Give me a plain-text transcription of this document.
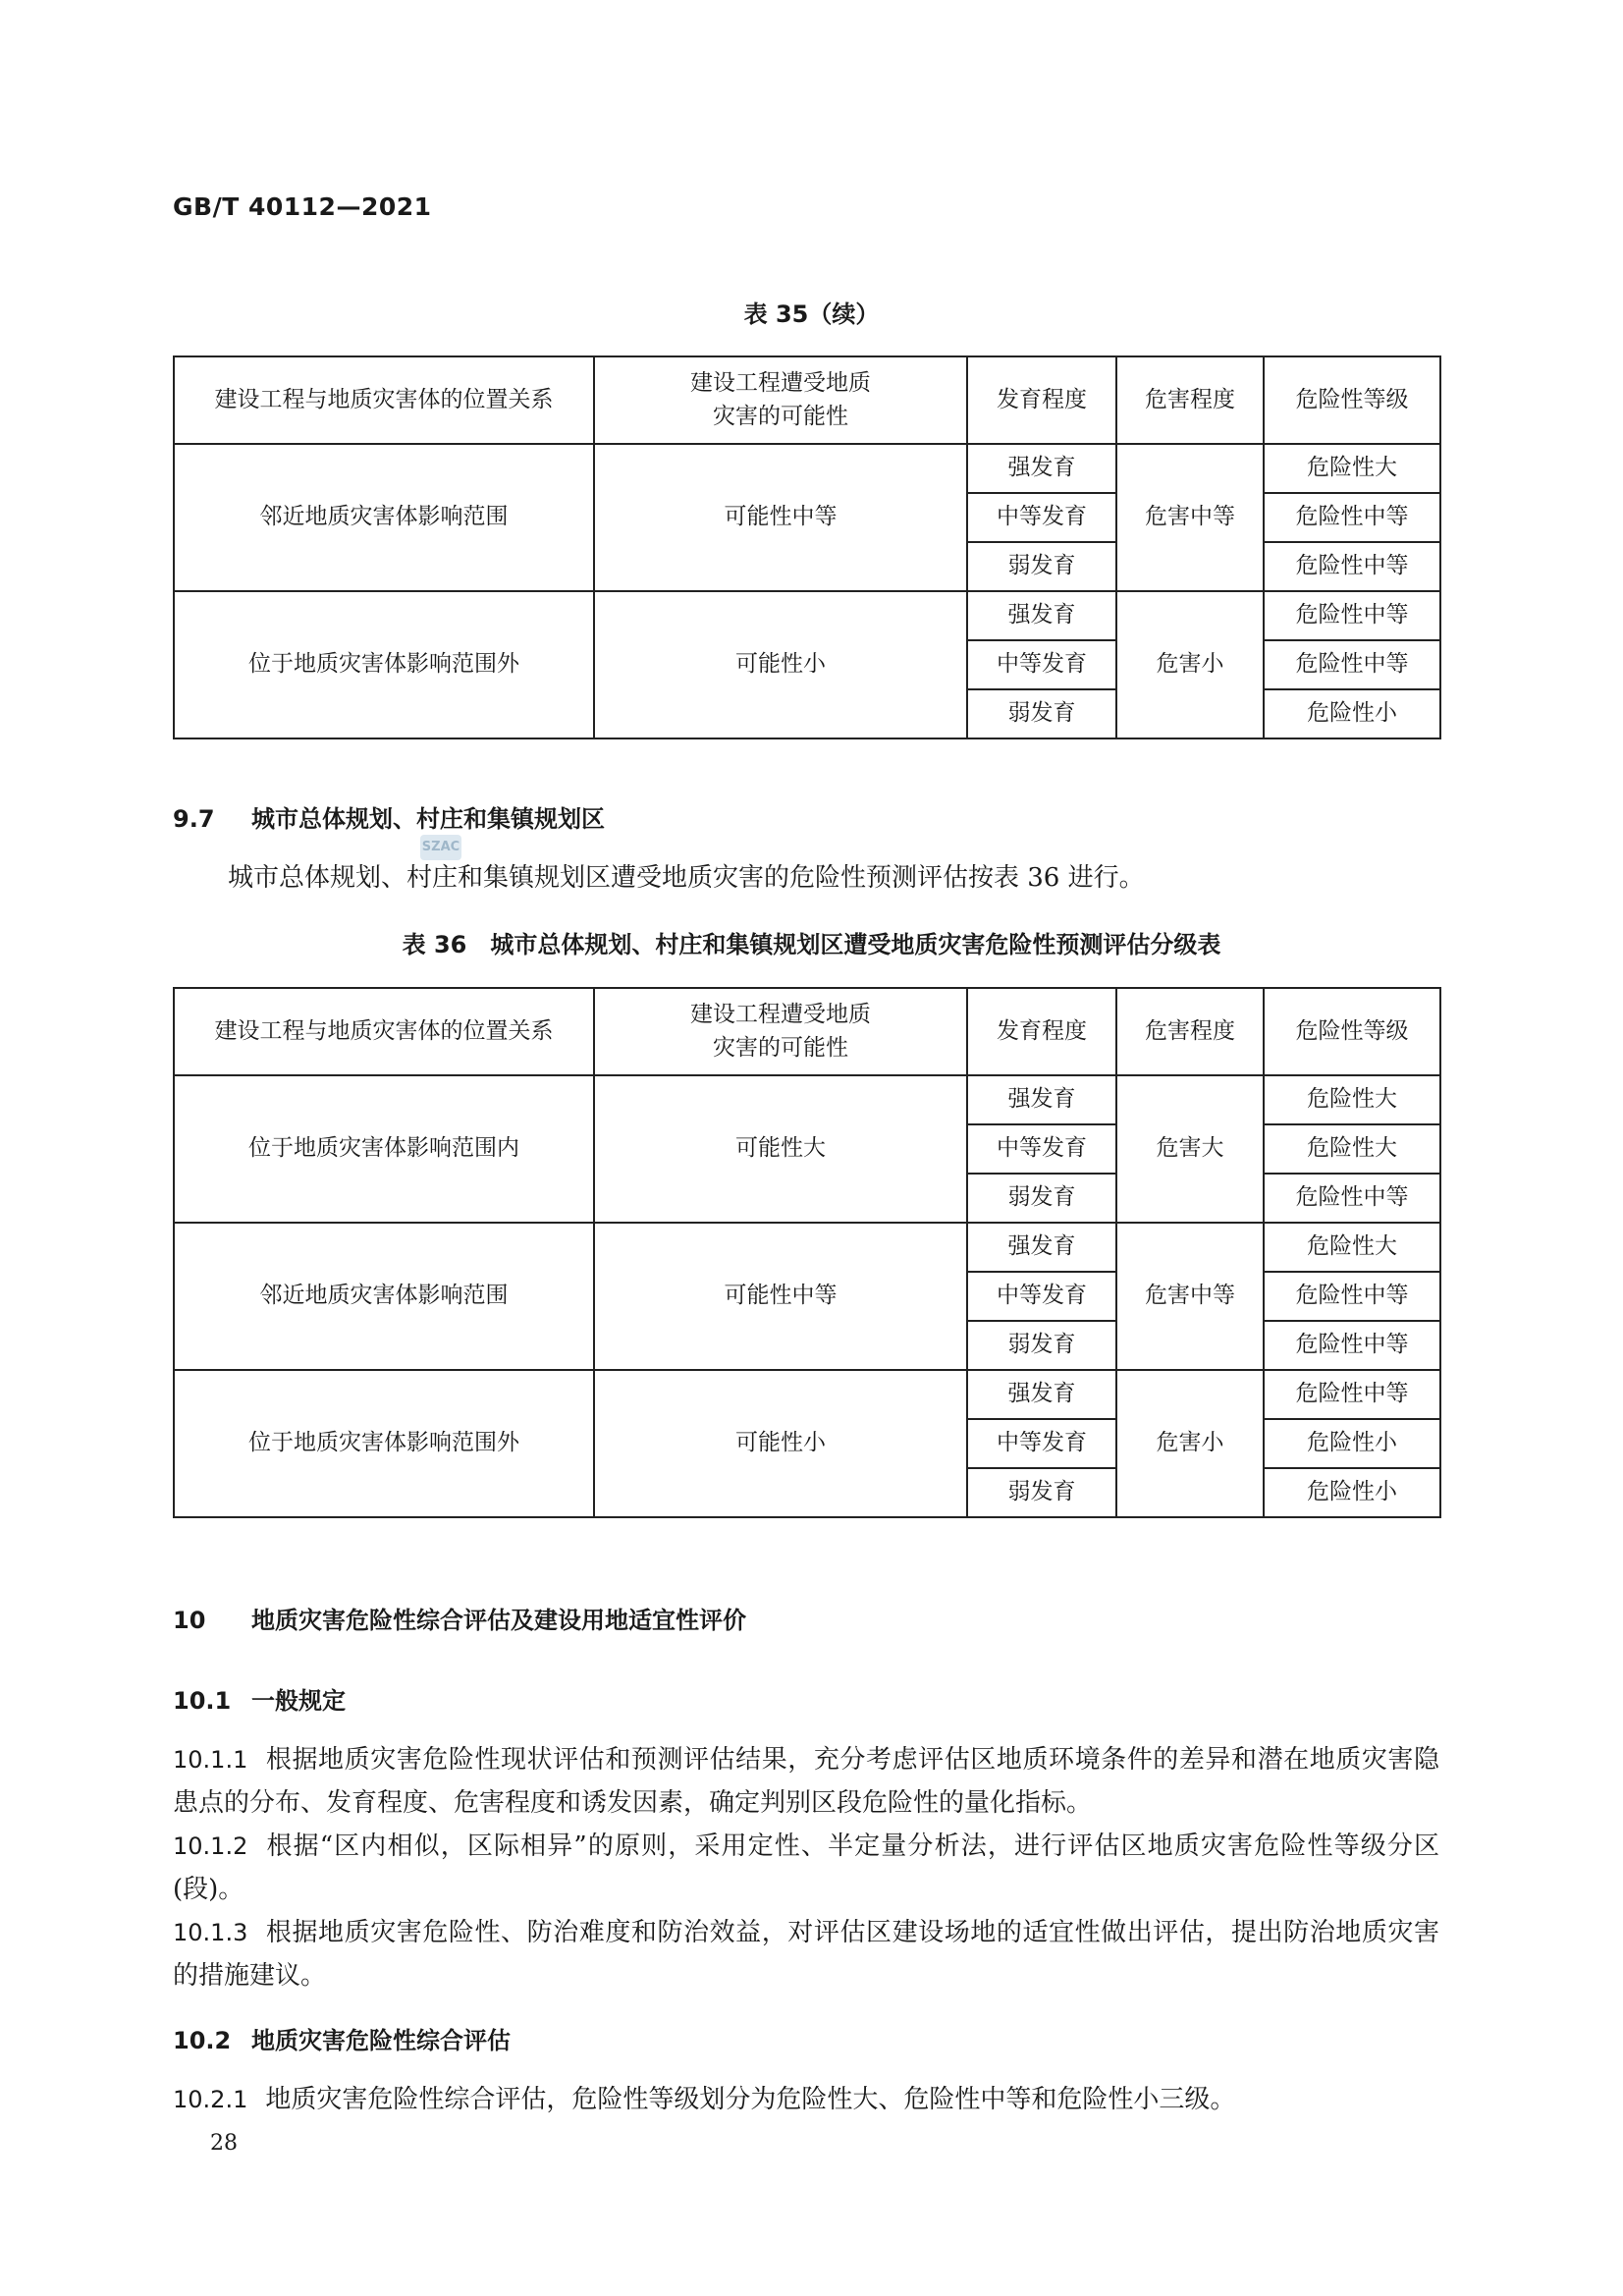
GB/T 40112—2021
表 35（续）
建设工程与地质灾害体的位置关系	建设工程遭受地质灾害的可能性	发育程度	危害程度	危险性等级
邻近地质灾害体影响范围	可能性中等	强发育	危害中等	危险性大
		中等发育		危险性中等
		弱发育		危险性中等
位于地质灾害体影响范围外	可能性小	强发育	危害小	危险性中等
		中等发育		危险性中等
		弱发育		危险性小
9.7 城市总体规划、村庄和集镇规划区
SZAC
城市总体规划、村庄和集镇规划区遭受地质灾害的危险性预测评估按表 36 进行。
表 36　城市总体规划、村庄和集镇规划区遭受地质灾害危险性预测评估分级表
建设工程与地质灾害体的位置关系	建设工程遭受地质灾害的可能性	发育程度	危害程度	危险性等级
位于地质灾害体影响范围内	可能性大	强发育	危害大	危险性大
		中等发育		危险性大
		弱发育		危险性中等
邻近地质灾害体影响范围	可能性中等	强发育	危害中等	危险性大
		中等发育		危险性中等
		弱发育		危险性中等
位于地质灾害体影响范围外	可能性小	强发育	危害小	危险性中等
		中等发育		危险性小
		弱发育		危险性小
10 地质灾害危险性综合评估及建设用地适宜性评价
10.1 一般规定
10.1.1 根据地质灾害危险性现状评估和预测评估结果，充分考虑评估区地质环境条件的差异和潜在地质灾害隐患点的分布、发育程度、危害程度和诱发因素，确定判别区段危险性的量化指标。
10.1.2 根据“区内相似，区际相异”的原则，采用定性、半定量分析法，进行评估区地质灾害危险性等级分区(段)。
10.1.3 根据地质灾害危险性、防治难度和防治效益，对评估区建设场地的适宜性做出评估，提出防治地质灾害的措施建议。
10.2 地质灾害危险性综合评估
10.2.1 地质灾害危险性综合评估，危险性等级划分为危险性大、危险性中等和危险性小三级。
28
